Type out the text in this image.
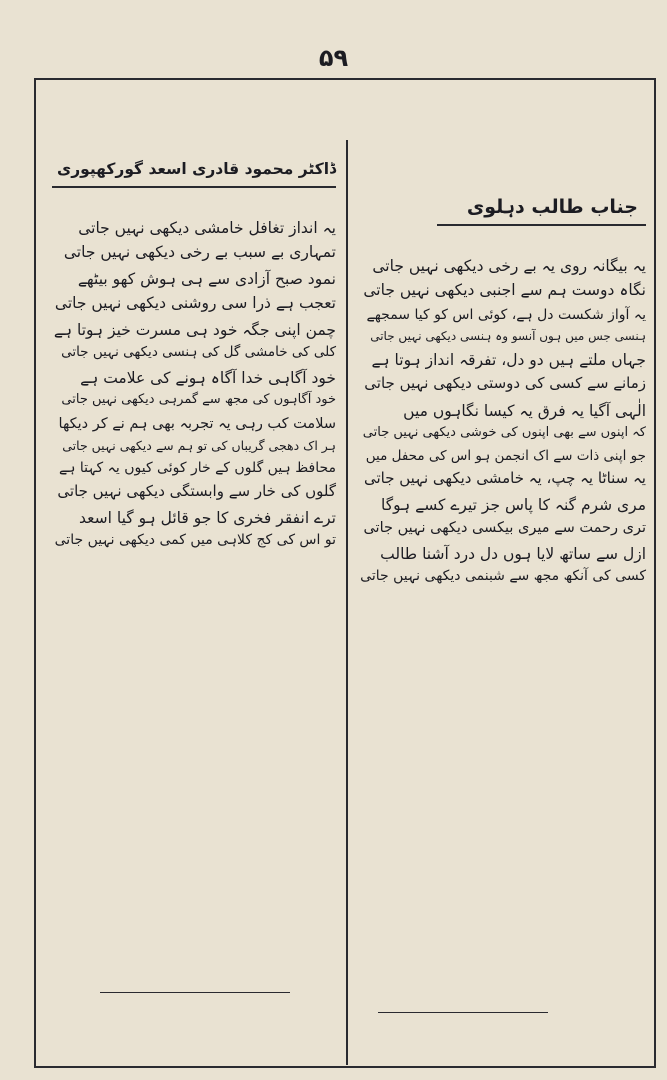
۵۹
ڈاکٹر محمود قادری اسعد گورکھپوری
یہ انداز تغافل خامشی دیکھی نہیں جاتی
تمہاری بے سبب بے رخی دیکھی نہیں جاتی
نمود صبح آزادی سے ہی ہوش کھو بیٹھے
تعجب ہے ذرا سی روشنی دیکھی نہیں جاتی
چمن اپنی جگہ خود ہی مسرت خیز ہوتا ہے
کلی کی خامشی گل کی ہنسی دیکھی نہیں جاتی
خود آگاہی خدا آگاہ ہونے کی علامت ہے
خود آگاہوں کی مجھ سے گمرہی دیکھی نہیں جاتی
سلامت کب رہی یہ تجربہ بھی ہم نے کر دیکھا
ہر اک دھجی گریباں کی تو ہم سے دیکھی نہیں جاتی
محافظ ہیں گلوں کے خار کوئی کیوں یہ کہتا ہے
گلوں کی خار سے وابستگی دیکھی نہیں جاتی
ترے انفقر فخری کا جو قائل ہو گیا اسعد
تو اس کی کج کلاہی میں کمی دیکھی نہیں جاتی
جناب طالب دہلوی
یہ بیگانہ روی یہ بے رخی دیکھی نہیں جاتی
نگاہ دوست ہم سے اجنبی دیکھی نہیں جاتی
یہ آواز شکست دل ہے، کوئی اس کو کیا سمجھے
ہنسی جس میں ہوں آنسو وہ ہنسی دیکھی نہیں جاتی
جہاں ملتے ہیں دو دل، تفرقہ انداز ہوتا ہے
زمانے سے کسی کی دوستی دیکھی نہیں جاتی
الٰہی آگیا یہ فرق یہ کیسا نگاہوں میں
کہ اپنوں سے بھی اپنوں کی خوشی دیکھی نہیں جاتی
جو اپنی ذات سے اک انجمن ہو اس کی محفل میں
یہ سناٹا یہ چپ، یہ خامشی دیکھی نہیں جاتی
مری شرم گنہ کا پاس جز تیرے کسے ہوگا
تری رحمت سے میری بیکسی دیکھی نہیں جاتی
ازل سے ساتھ لایا ہوں دل درد آشنا طالب
کسی کی آنکھ مجھ سے شبنمی دیکھی نہیں جاتی
